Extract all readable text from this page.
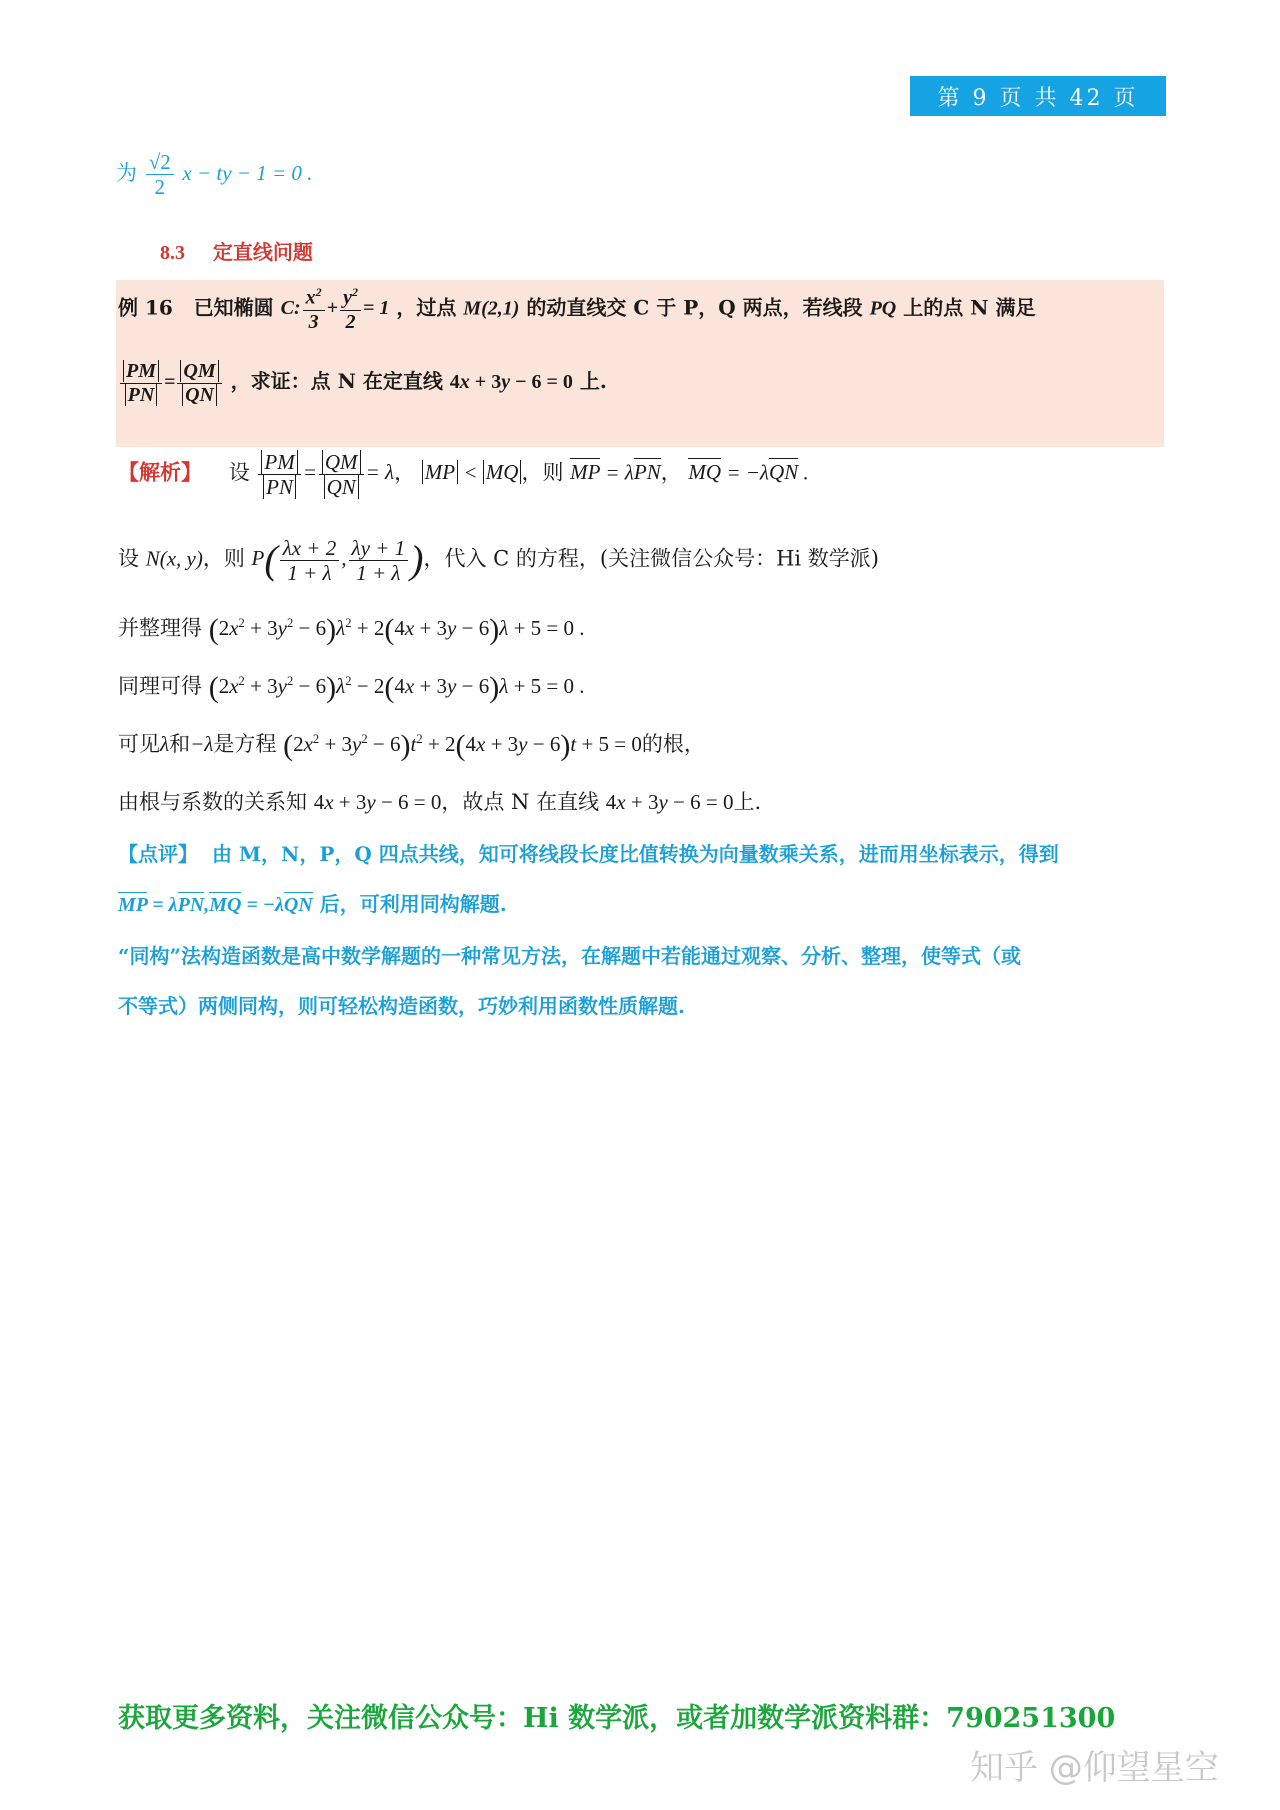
第 9 页 共 42 页
为 $\frac{√2}{2}$ x − ty − 1 = 0 .
8.3 定直线问题
例 16 已知椭圆 C: $\frac{x^2}{3} + \frac{y^2}{2} = 1$ ，过点 M(2,1) 的动直线交 C 于 P，Q 两点，若线段 PQ 上的点 N 满足
$\frac{PM}{PN} = \frac{QM}{QN}$ ，求证：点 N 在定直线 4x + 3y − 6 = 0 上.
【解析】 设 $\frac{PM}{PN} = \frac{QM}{QN} = \lambda$， MP < MQ ，则 MP = λPN， MQ = −λQN .
设 N(x, y)，则 $P( \frac{\lambda x + 2}{1 + \lambda}$ , $\frac{\lambda y + 1}{1 + \lambda}$ )，代入 C 的方程，(关注微信公众号：Hi 数学派)
并整理得 $(2x^2 + 3y^2 - 6)\lambda^2 + 2(4x + 3y - 6)\lambda + 5 = 0$ .
同理可得 $(2x^2 + 3y^2 - 6)\lambda^2 - 2(4x + 3y - 6)\lambda + 5 = 0$ .
可见λ和−λ是方程 $(2x^2 + 3y^2 - 6)t^2 + 2(4x + 3y - 6)t + 5 = 0$的根，
由根与系数的关系知 4x + 3y − 6 = 0，故点 N 在直线 4x + 3y − 6 = 0上.
【点评】 由 M，N，P，Q 四点共线，知可将线段长度比值转换为向量数乘关系，进而用坐标表示，得到
MP = λPN,MQ = −λQN 后，可利用同构解题.
“同构”法构造函数是高中数学解题的一种常见方法，在解题中若能通过观察、分析、整理，使等式（或
不等式）两侧同构，则可轻松构造函数，巧妙利用函数性质解题.
获取更多资料，关注微信公众号：Hi 数学派，或者加数学派资料群：790251300
知乎 @仰望星空
